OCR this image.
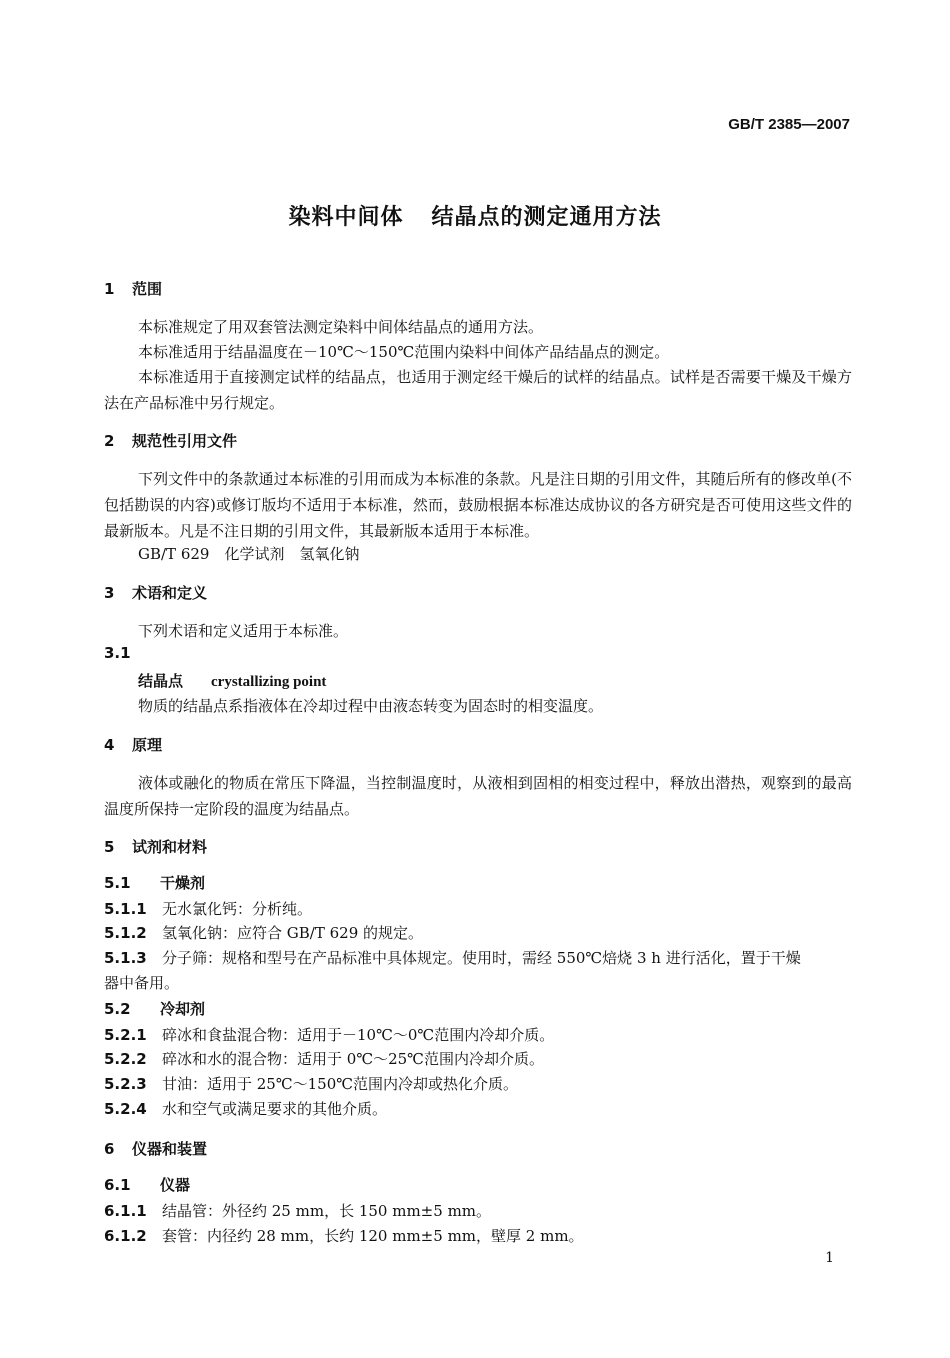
GB/T 2385—2007
染料中间体 结晶点的测定通用方法
1 范围
本标准规定了用双套管法测定染料中间体结晶点的通用方法。
本标准适用于结晶温度在－10℃～150℃范围内染料中间体产品结晶点的测定。
本标准适用于直接测定试样的结晶点，也适用于测定经干燥后的试样的结晶点。试样是否需要干燥及干燥方法在产品标准中另行规定。
2 规范性引用文件
下列文件中的条款通过本标准的引用而成为本标准的条款。凡是注日期的引用文件，其随后所有的修改单(不包括勘误的内容)或修订版均不适用于本标准，然而，鼓励根据本标准达成协议的各方研究是否可使用这些文件的最新版本。凡是不注日期的引用文件，其最新版本适用于本标准。
GB/T 629　 化学试剂　氢氧化钠
3 术语和定义
下列术语和定义适用于本标准。
3.1
结晶点 crystallizing point
物质的结晶点系指液体在冷却过程中由液态转变为固态时的相变温度。
4 原理
液体或融化的物质在常压下降温，当控制温度时，从液相到固相的相变过程中，释放出潜热，观察到的最高温度所保持一定阶段的温度为结晶点。
5 试剂和材料
5.1 干燥剂
5.1.1 无水氯化钙：分析纯。
5.1.2 氢氧化钠：应符合 GB/T 629 的规定。
5.1.3 分子筛：规格和型号在产品标准中具体规定。使用时，需经 550℃焙烧 3 h 进行活化，置于干燥
器中备用。
5.2 冷却剂
5.2.1 碎冰和食盐混合物：适用于－10℃～0℃范围内冷却介质。
5.2.2 碎冰和水的混合物：适用于 0℃～25℃范围内冷却介质。
5.2.3 甘油：适用于 25℃～150℃范围内冷却或热化介质。
5.2.4 水和空气或满足要求的其他介质。
6 仪器和装置
6.1 仪器
6.1.1 结晶管：外径约 25 mm，长 150 mm±5 mm。
6.1.2 套管：内径约 28 mm，长约 120 mm±5 mm，壁厚 2 mm。
1
